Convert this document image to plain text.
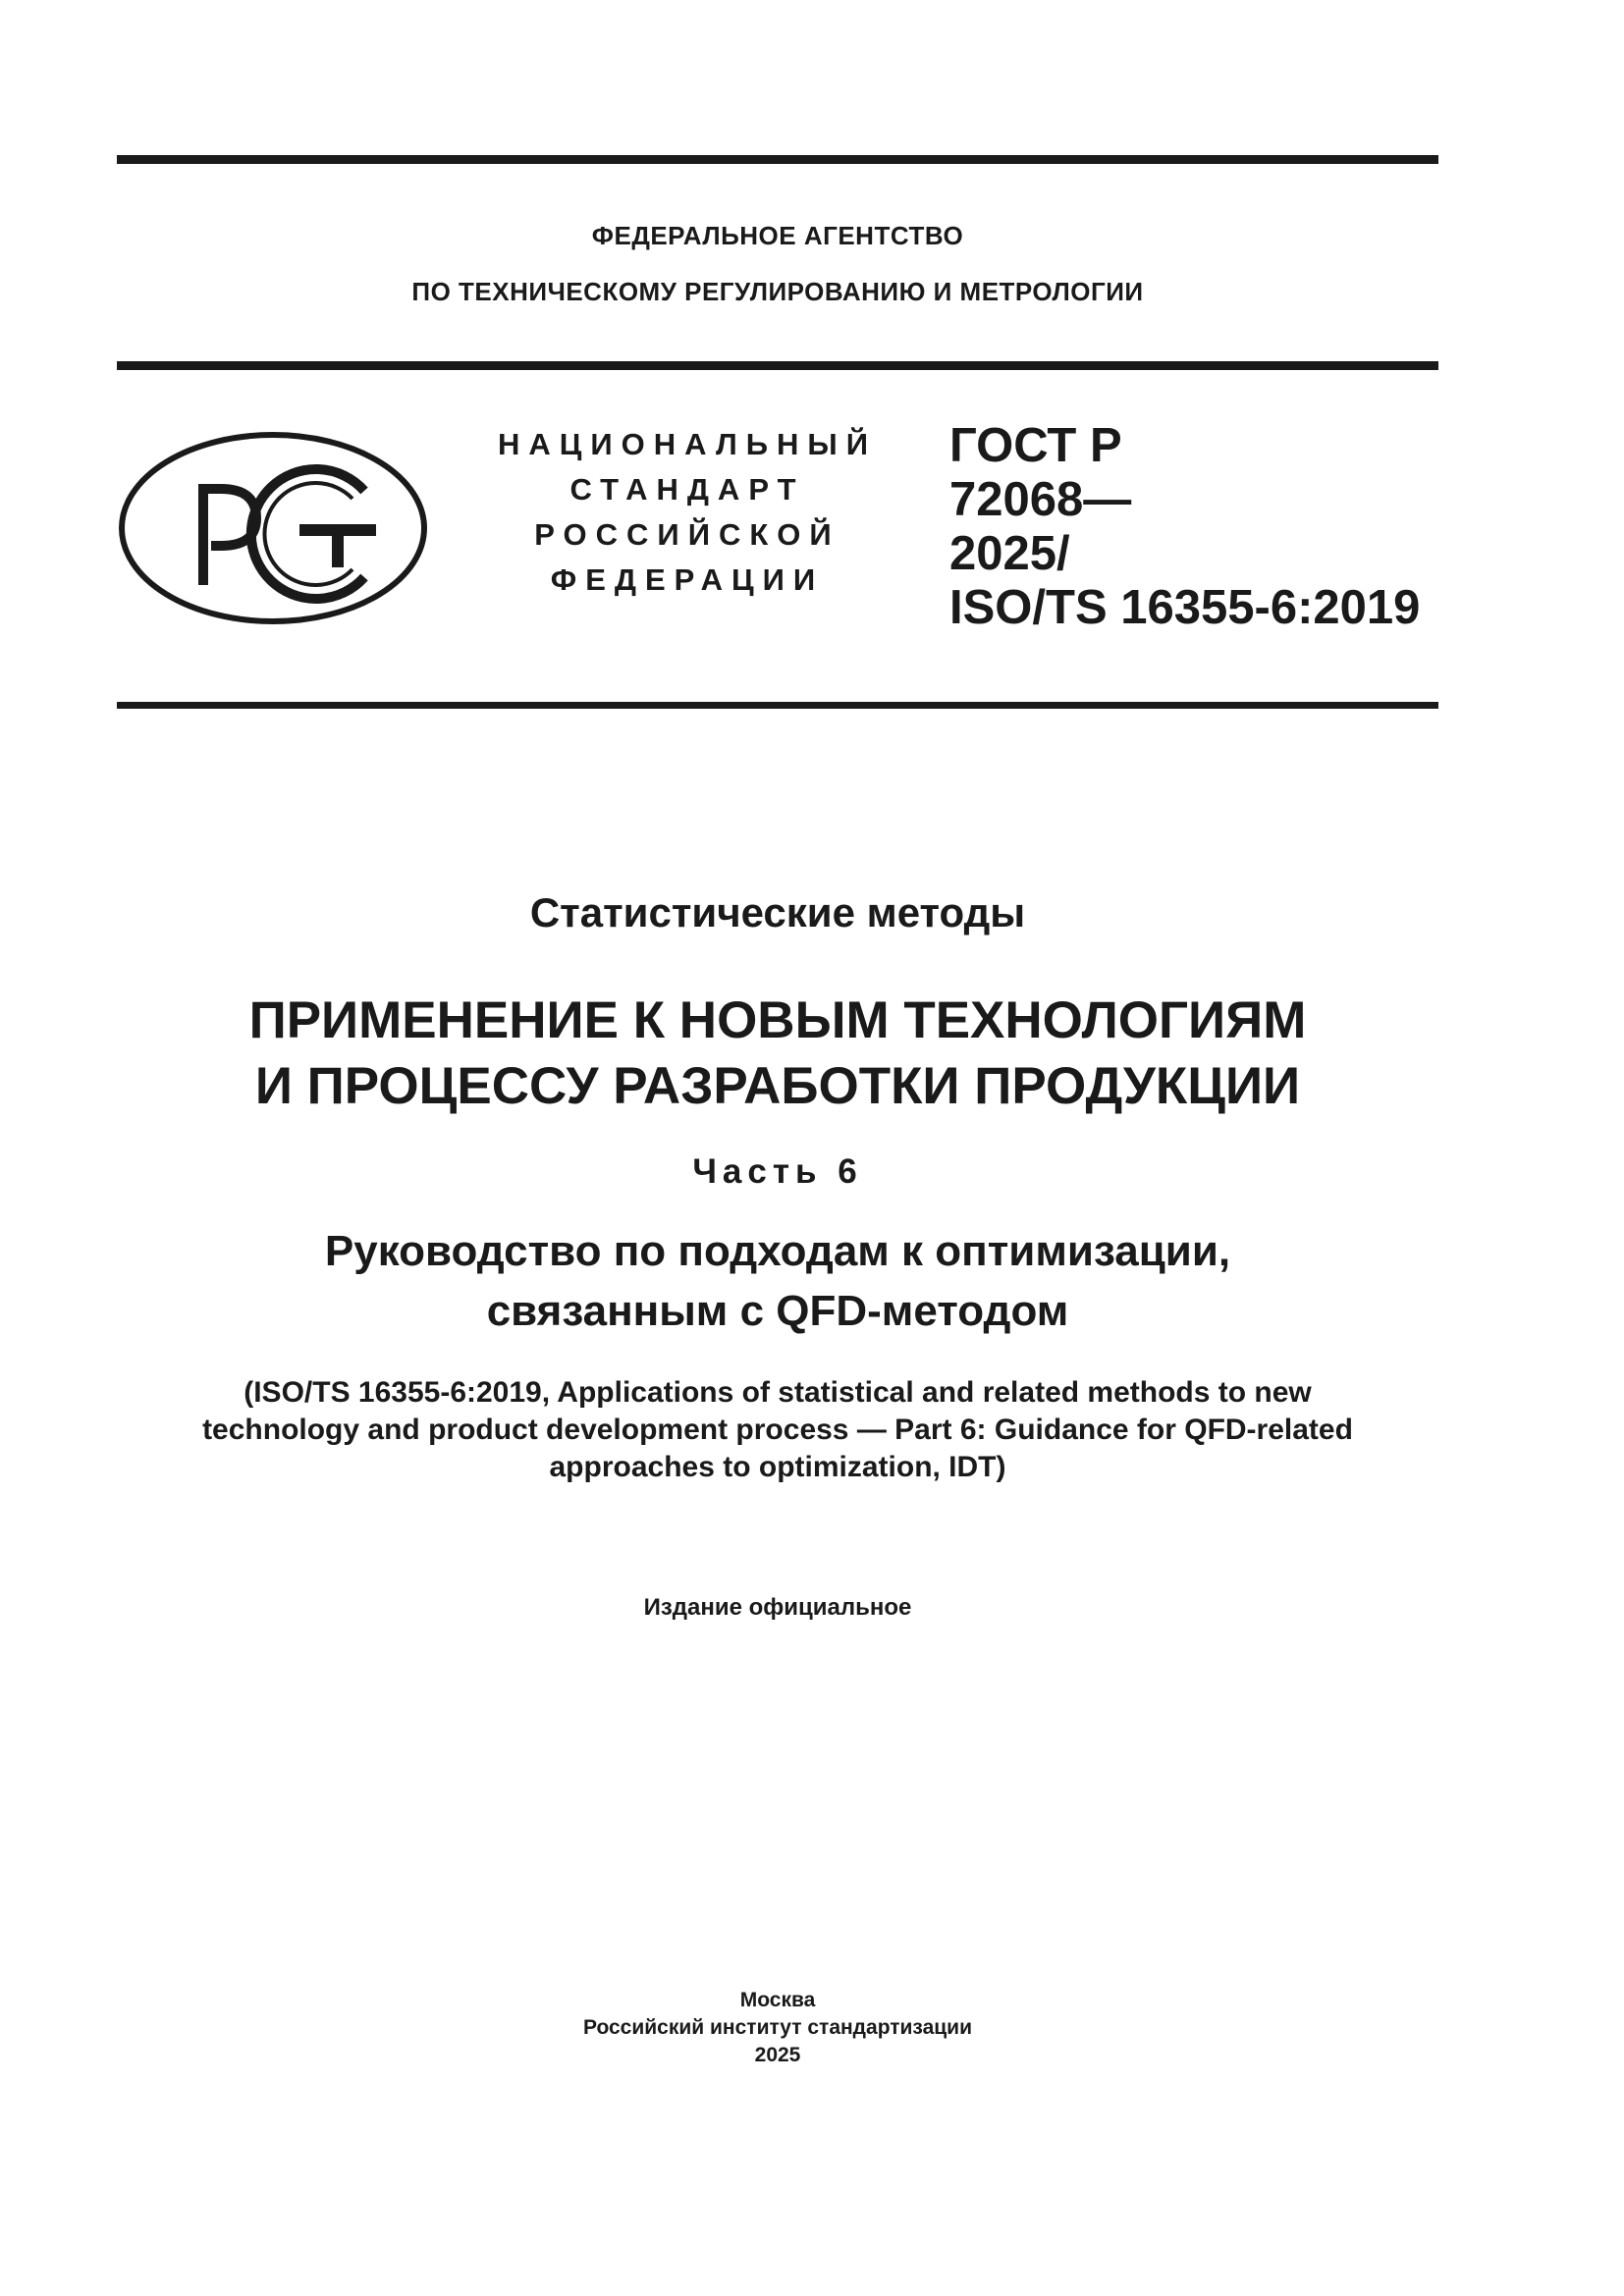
ФЕДЕРАЛЬНОЕ АГЕНТСТВО
ПО ТЕХНИЧЕСКОМУ РЕГУЛИРОВАНИЮ И МЕТРОЛОГИИ
НАЦИОНАЛЬНЫЙ
СТАНДАРТ
РОССИЙСКОЙ
ФЕДЕРАЦИИ
ГОСТ Р
72068—
2025/
ISO/TS 16355-6:2019
Статистические методы
ПРИМЕНЕНИЕ К НОВЫМ ТЕХНОЛОГИЯМ
И ПРОЦЕССУ РАЗРАБОТКИ ПРОДУКЦИИ
Часть 6
Руководство по подходам к оптимизации,
связанным с QFD-методом
(ISO/TS 16355-6:2019, Applications of statistical and related methods to new
technology and product development process — Part 6: Guidance for QFD-related
approaches to optimization, IDT)
Издание официальное
Москва
Российский институт стандартизации
2025
